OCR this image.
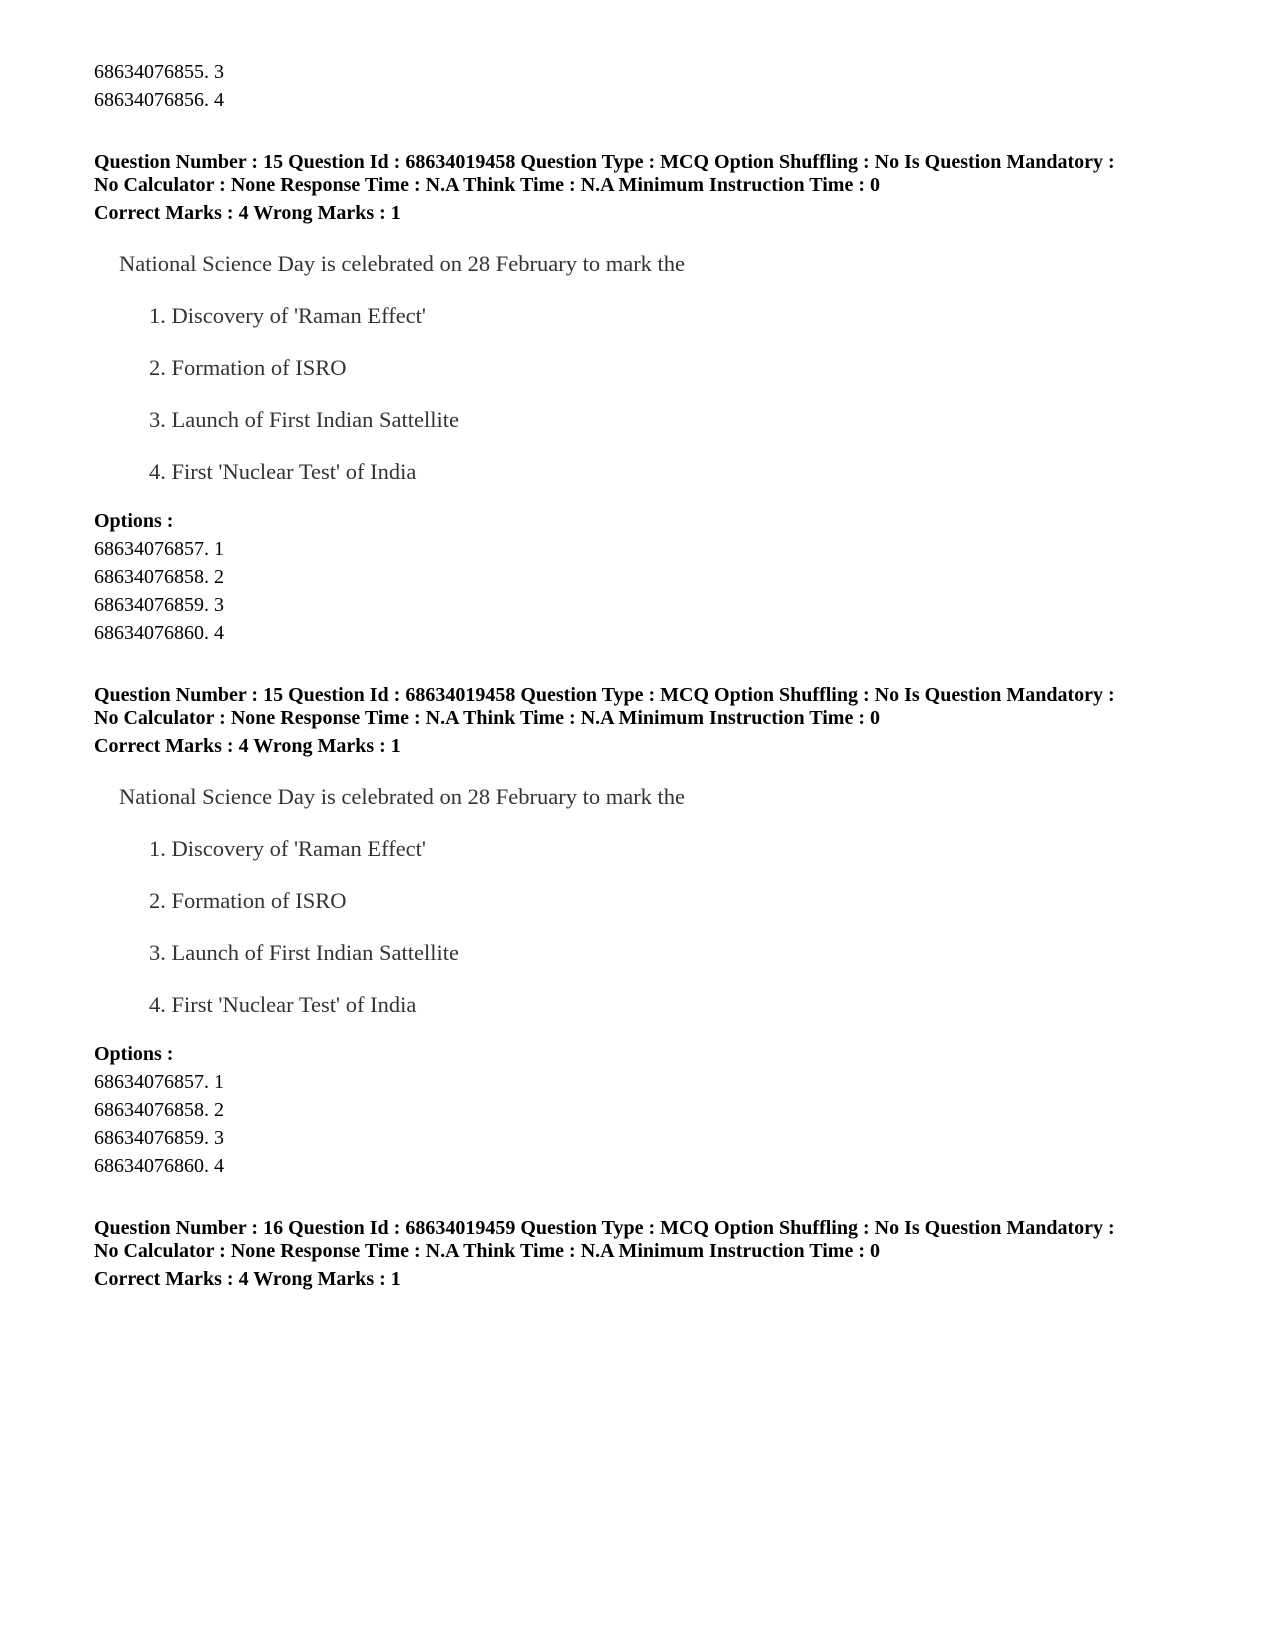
68634076855. 3
68634076856. 4
Question Number : 15 Question Id : 68634019458 Question Type : MCQ Option Shuffling : No Is Question Mandatory :
No Calculator : None Response Time : N.A Think Time : N.A Minimum Instruction Time : 0
Correct Marks : 4 Wrong Marks : 1
National Science Day is celebrated on 28 February to mark the
1. Discovery of 'Raman Effect'
2. Formation of ISRO
3. Launch of First Indian Sattellite
4. First 'Nuclear Test' of India
Options :
68634076857. 1
68634076858. 2
68634076859. 3
68634076860. 4
Question Number : 15 Question Id : 68634019458 Question Type : MCQ Option Shuffling : No Is Question Mandatory :
No Calculator : None Response Time : N.A Think Time : N.A Minimum Instruction Time : 0
Correct Marks : 4 Wrong Marks : 1
National Science Day is celebrated on 28 February to mark the
1. Discovery of 'Raman Effect'
2. Formation of ISRO
3. Launch of First Indian Sattellite
4. First 'Nuclear Test' of India
Options :
68634076857. 1
68634076858. 2
68634076859. 3
68634076860. 4
Question Number : 16 Question Id : 68634019459 Question Type : MCQ Option Shuffling : No Is Question Mandatory :
No Calculator : None Response Time : N.A Think Time : N.A Minimum Instruction Time : 0
Correct Marks : 4 Wrong Marks : 1
